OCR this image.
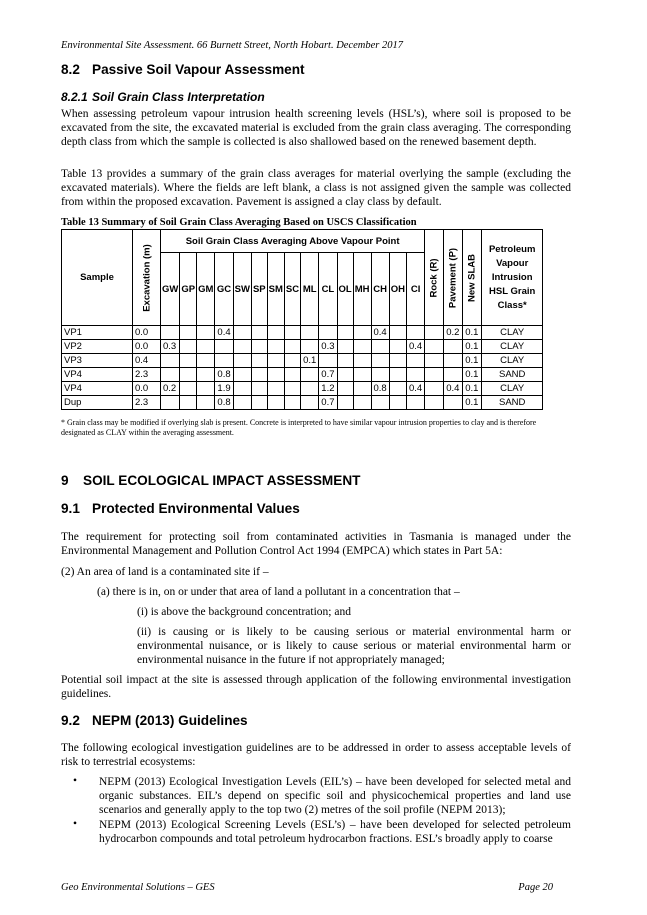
Environmental Site Assessment. 66 Burnett Street, North Hobart. December 2017
8.2 Passive Soil Vapour Assessment
8.2.1 Soil Grain Class Interpretation
When assessing petroleum vapour intrusion health screening levels (HSL’s), where soil is proposed to be excavated from the site, the excavated material is excluded from the grain class averaging. The corresponding depth class from which the sample is collected is also shallowed based on the renewed basement depth.
Table 13 provides a summary of the grain class averages for material overlying the sample (excluding the excavated materials). Where the fields are left blank, a class is not assigned given the sample was collected from within the proposed excavation. Pavement is assigned a clay class by default.
Table 13 Summary of Soil Grain Class Averaging Based on USCS Classification
Sample	Excavation (m)	Soil Grain Class Averaging Above Vapour Point															Rock (R)	Pavement (P)	New SLAB	Petroleum Vapour Intrusion HSL Grain Class*
		GW	GP	GM	GC	SW	SP	SM	SC	ML	CL	OL	MH	CH	OH	CI				
VP1	0.0				0.4									0.4				0.2	0.1	CLAY
VP2	0.0	0.3									0.3					0.4			0.1	CLAY
VP3	0.4									0.1									0.1	CLAY
VP4	2.3				0.8						0.7								0.1	SAND
VP4	0.0	0.2			1.9						1.2			0.8		0.4		0.4	0.1	CLAY
Dup	2.3				0.8						0.7								0.1	SAND
* Grain class may be modified if overlying slab is present. Concrete is interpreted to have similar vapour intrusion properties to clay and is therefore designated as CLAY within the averaging assessment.
9 SOIL ECOLOGICAL IMPACT ASSESSMENT
9.1 Protected Environmental Values
The requirement for protecting soil from contaminated activities in Tasmania is managed under the Environmental Management and Pollution Control Act 1994 (EMPCA) which states in Part 5A:
(2) An area of land is a contaminated site if –
(a) there is in, on or under that area of land a pollutant in a concentration that –
(i) is above the background concentration; and
(ii) is causing or is likely to be causing serious or material environmental harm or environmental nuisance, or is likely to cause serious or material environmental harm or environmental nuisance in the future if not appropriately managed;
Potential soil impact at the site is assessed through application of the following environmental investigation guidelines.
9.2 NEPM (2013) Guidelines
The following ecological investigation guidelines are to be addressed in order to assess acceptable levels of risk to terrestrial ecosystems:
• NEPM (2013) Ecological Investigation Levels (EIL’s) – have been developed for selected metal and organic substances. EIL’s depend on specific soil and physicochemical properties and land use scenarios and generally apply to the top two (2) metres of the soil profile (NEPM 2013);
• NEPM (2013) Ecological Screening Levels (ESL’s) – have been developed for selected petroleum hydrocarbon compounds and total petroleum hydrocarbon fractions. ESL’s broadly apply to coarse
Geo Environmental Solutions – GES	Page 20
